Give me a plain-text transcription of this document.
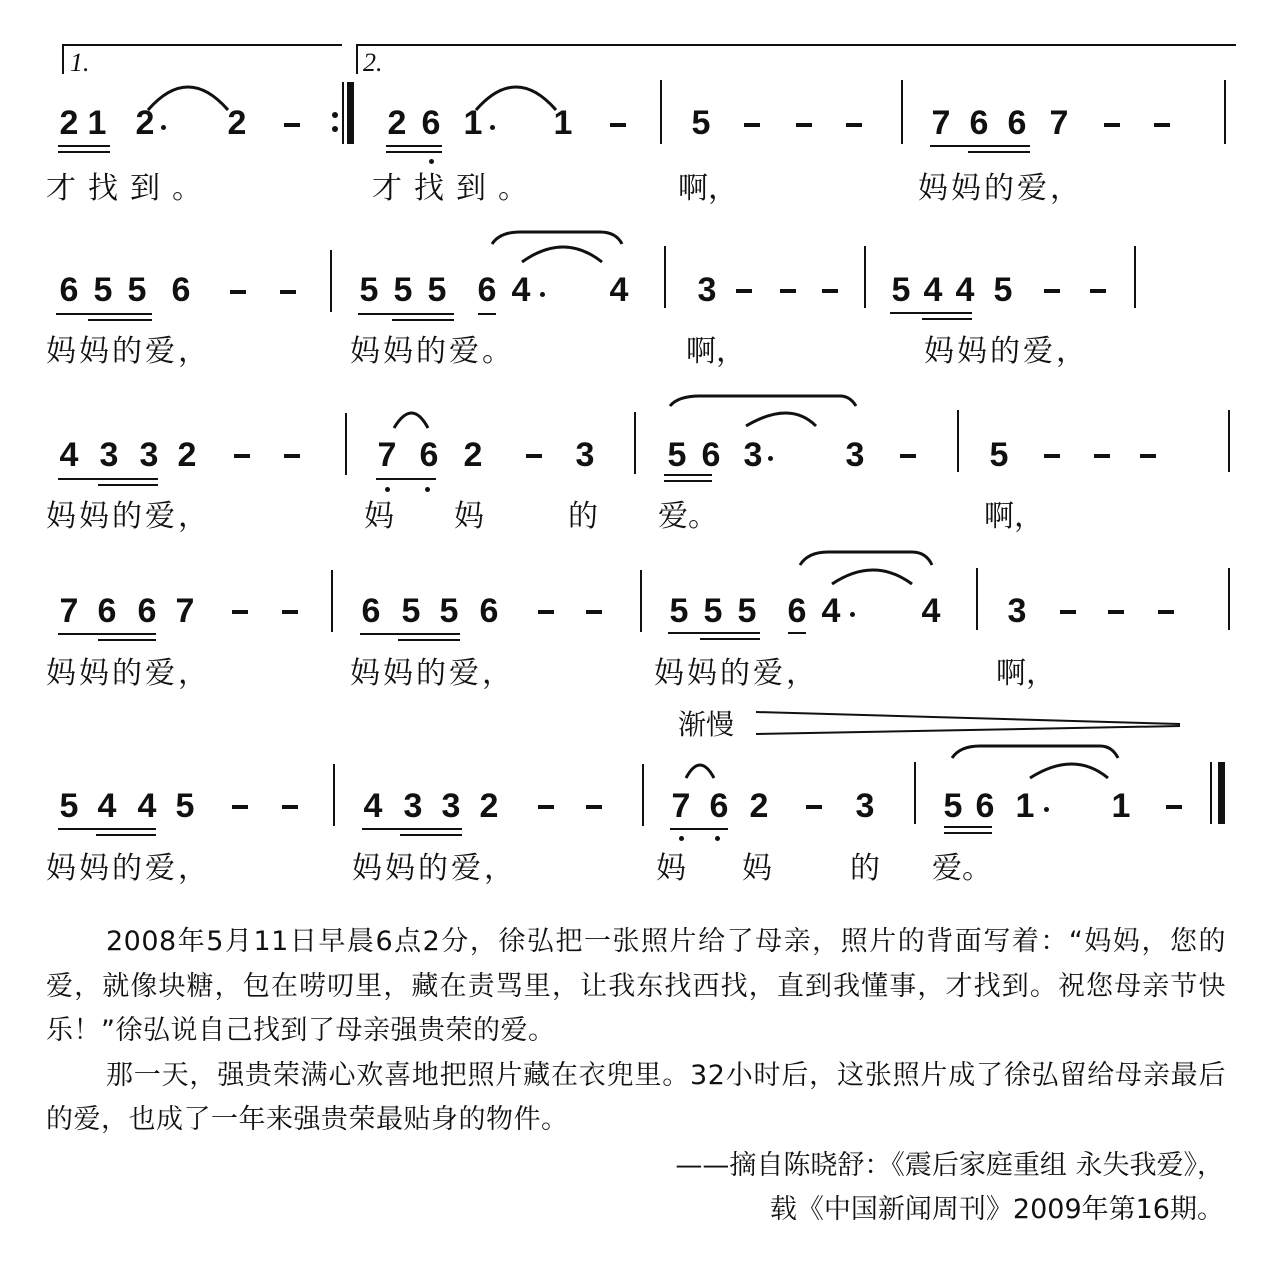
1.	2.
2 1 2 2	2 6 1 1	5	7 6 6 7
才找到。	才找到。	啊，	妈妈的爱，
6 5 5 6	5 5 5 6 4 4 3	5 4 4 5
妈妈的爱，	妈妈的爱。	啊，	妈妈的爱，
4 3 3 2	7 6 2	3 5 6 3 3	5
妈妈的爱，	妈 妈	的 爱。	啊，
7 6 6 7	6 5 5 6	5 5 5 6 4 4 3
妈妈的爱，	妈妈的爱，	妈妈的爱，	啊，
渐慢
5 4 4 5	4 3 3 2	7 6 2	3 5 6 1 1
妈妈的爱，	妈妈的爱，	妈 妈	的 爱。

2008年5月11日早晨6点2分，徐弘把一张照片给了母亲，照片的背面写着：“妈妈，您的爱，就像块糖，包在唠叨里，藏在责骂里，让我东找西找，直到我懂事，才找到。祝您母亲节快乐！”徐弘说自己找到了母亲强贵荣的爱。

那一天，强贵荣满心欢喜地把照片藏在衣兜里。32小时后，这张照片成了徐弘留给母亲最后的爱，也成了一年来强贵荣最贴身的物件。

——摘自陈晓舒：《震后家庭重组 永失我爱》，
载《中国新闻周刊》2009年第16期。
